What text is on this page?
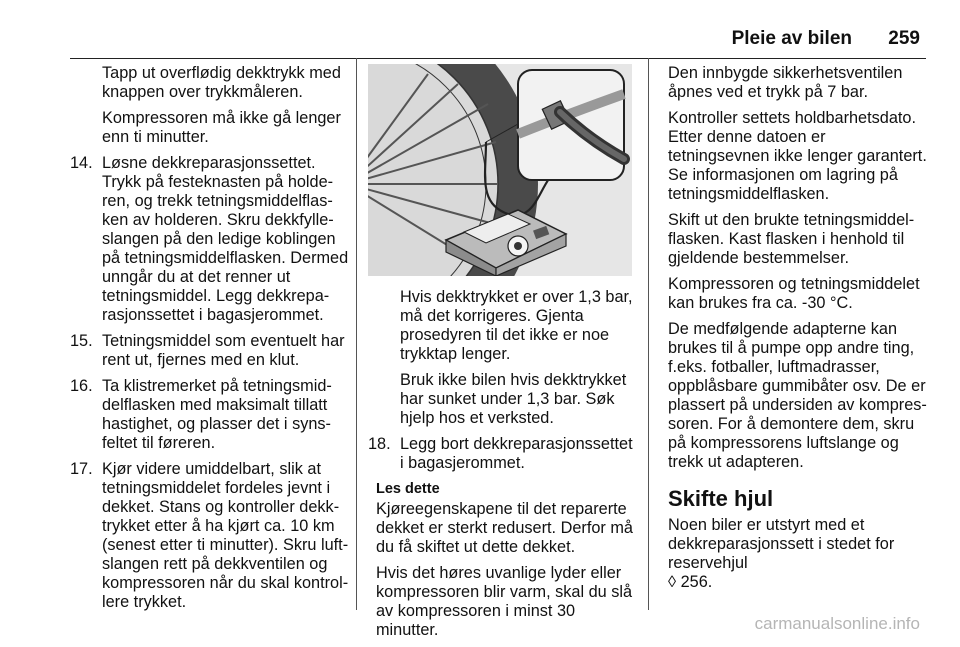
Pleie av bilen 259

Tapp ut overflødig dekktrykk med knappen over trykkmåleren.

Kompressoren må ikke gå lenger enn ti minutter.

14. Løsne dekkreparasjonssettet. Trykk på festeknasten på holderen, og trekk tetningsmiddelflasken av holderen. Skru dekkfylleslangen på den ledige koblingen på tetningsmiddelflasken. Dermed unngår du at det renner ut tetningsmiddel. Legg dekkreparasjonssettet i bagasjerommet.
15. Tetningsmiddel som eventuelt har rent ut, fjernes med en klut.
16. Ta klistremerket på tetningsmiddelflasken med maksimalt tillatt hastighet, og plasser det i synsfeltet til føreren.
17. Kjør videre umiddelbart, slik at tetningsmiddelet fordeles jevnt i dekket. Stans og kontroller dekktrykket etter å ha kjørt ca. 10 km (senest etter ti minutter). Skru luftslangen rett på dekkventilen og kompressoren når du skal kontrollere trykket.

Hvis dekktrykket er over 1,3 bar, må det korrigeres. Gjenta prosedyren til det ikke er noe trykktap lenger.

Bruk ikke bilen hvis dekktrykket har sunket under 1,3 bar. Søk hjelp hos et verksted.

18. Legg bort dekkreparasjonssettet i bagasjerommet.
Les dette

Kjøreegenskapene til det reparerte dekket er sterkt redusert. Derfor må du få skiftet ut dette dekket.

Hvis det høres uvanlige lyder eller kompressoren blir varm, skal du slå av kompressoren i minst 30 minutter.

Den innbygde sikkerhetsventilen åpnes ved et trykk på 7 bar.

Kontroller settets holdbarhetsdato. Etter denne datoen er tetningsevnen ikke lenger garantert. Se informasjonen om lagring på tetningsmiddelflasken.

Skift ut den brukte tetningsmiddelflasken. Kast flasken i henhold til gjeldende bestemmelser.

Kompressoren og tetningsmiddelet kan brukes fra ca. -30 °C.

De medfølgende adapterne kan brukes til å pumpe opp andre ting, f.eks. fotballer, luftmadrasser, oppblåsbare gummibåter osv. De er plassert på undersiden av kompressoren. For å demontere dem, skru på kompressorens luftslange og trekk ut adapteren.

Skifte hjul

Noen biler er utstyrt med et dekkreparasjonssett i stedet for reservehjul
◊ 256.

carmanualsonline.info
